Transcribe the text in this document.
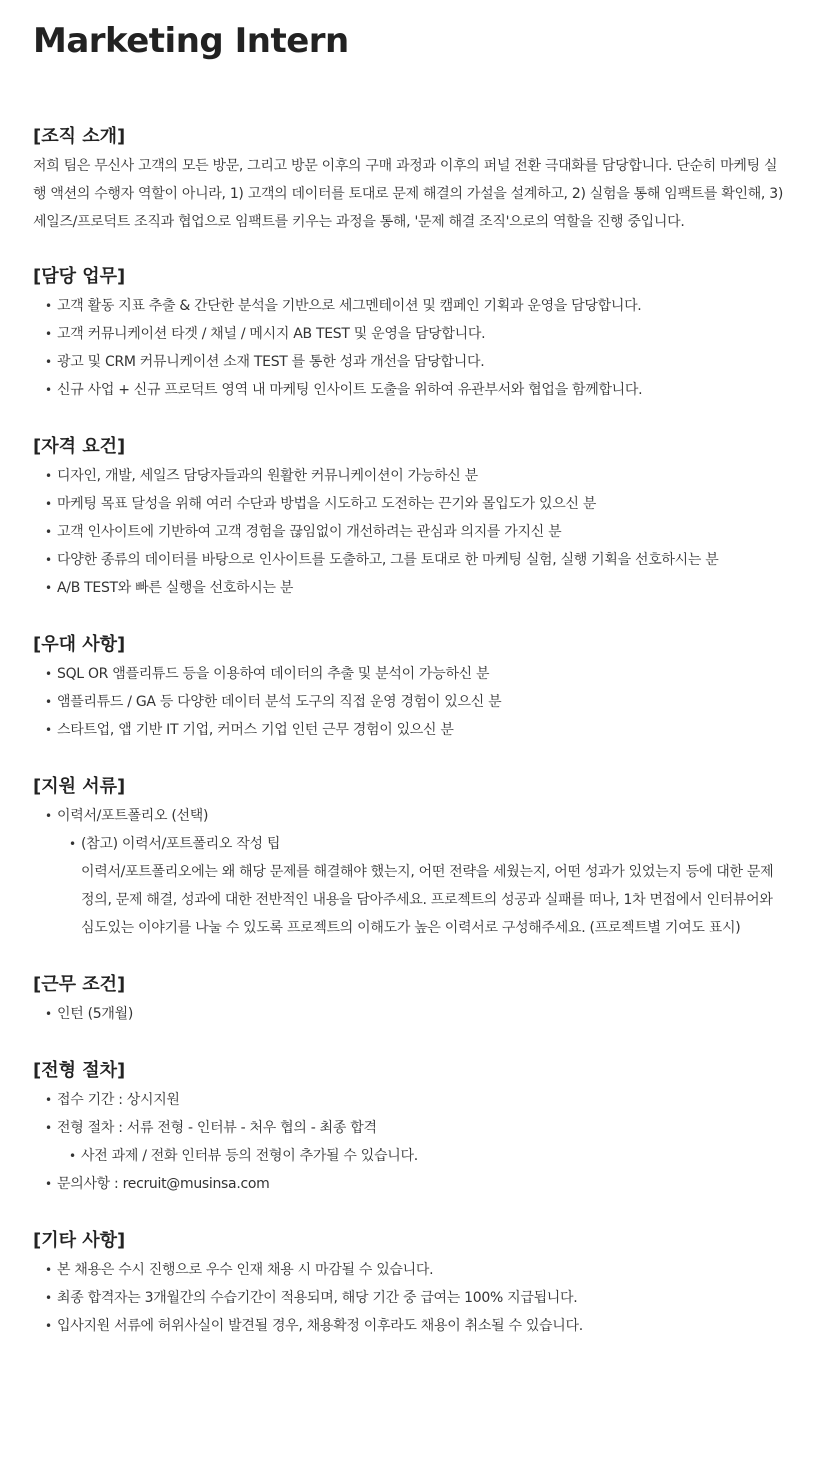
Marketing Intern
[조직 소개]

저희 팀은 무신사 고객의 모든 방문, 그리고 방문 이후의 구매 과정과 이후의 퍼널 전환 극대화를 담당합니다. 단순히 마케팅 실행 액션의 수행자 역할이 아니라, 1) 고객의 데이터를 토대로 문제 해결의 가설을 설계하고, 2) 실험을 통해 임팩트를 확인해, 3) 세일즈/프로덕트 조직과 협업으로 임팩트를 키우는 과정을 통해, '문제 해결 조직'으로의 역할을 진행 중입니다.

[담당 업무]
• 고객 활동 지표 추출 & 간단한 분석을 기반으로 세그멘테이션 및 캠페인 기획과 운영을 담당합니다.
• 고객 커뮤니케이션 타겟 / 채널 / 메시지 AB TEST 및 운영을 담당합니다.
• 광고 및 CRM 커뮤니케이션 소재 TEST 를 통한 성과 개선을 담당합니다.
• 신규 사업 + 신규 프로덕트 영역 내 마케팅 인사이트 도출을 위하여 유관부서와 협업을 함께합니다.
[자격 요건]
• 디자인, 개발, 세일즈 담당자들과의 원활한 커뮤니케이션이 가능하신 분
• 마케팅 목표 달성을 위해 여러 수단과 방법을 시도하고 도전하는 끈기와 몰입도가 있으신 분
• 고객 인사이트에 기반하여 고객 경험을 끊임없이 개선하려는 관심과 의지를 가지신 분
• 다양한 종류의 데이터를 바탕으로 인사이트를 도출하고, 그를 토대로 한 마케팅 실험, 실행 기획을 선호하시는 분
• A/B TEST와 빠른 실행을 선호하시는 분
[우대 사항]
• SQL OR 앰플리튜드 등을 이용하여 데이터의 추출 및 분석이 가능하신 분
• 앰플리튜드 / GA 등 다양한 데이터 분석 도구의 직접 운영 경험이 있으신 분
• 스타트업, 앱 기반 IT 기업, 커머스 기업 인턴 근무 경험이 있으신 분
[지원 서류]
• 이력서/포트폴리오 (선택)
• (참고) 이력서/포트폴리오 작성 팁
이력서/포트폴리오에는 왜 해당 문제를 해결해야 했는지, 어떤 전략을 세웠는지, 어떤 성과가 있었는지 등에 대한 문제 정의, 문제 해결, 성과에 대한 전반적인 내용을 담아주세요. 프로젝트의 성공과 실패를 떠나, 1차 면접에서 인터뷰어와 심도있는 이야기를 나눌 수 있도록 프로젝트의 이해도가 높은 이력서로 구성해주세요. (프로젝트별 기여도 표시)
[근무 조건]
• 인턴 (5개월)
[전형 절차]
• 접수 기간 : 상시지원
• 전형 절차 : 서류 전형 - 인터뷰 - 처우 협의 - 최종 합격
• 사전 과제 / 전화 인터뷰 등의 전형이 추가될 수 있습니다.
• 문의사항 : recruit@musinsa.com
[기타 사항]
• 본 채용은 수시 진행으로 우수 인재 채용 시 마감될 수 있습니다.
• 최종 합격자는 3개월간의 수습기간이 적용되며, 해당 기간 중 급여는 100% 지급됩니다.
• 입사지원 서류에 허위사실이 발견될 경우, 채용확정 이후라도 채용이 취소될 수 있습니다.
